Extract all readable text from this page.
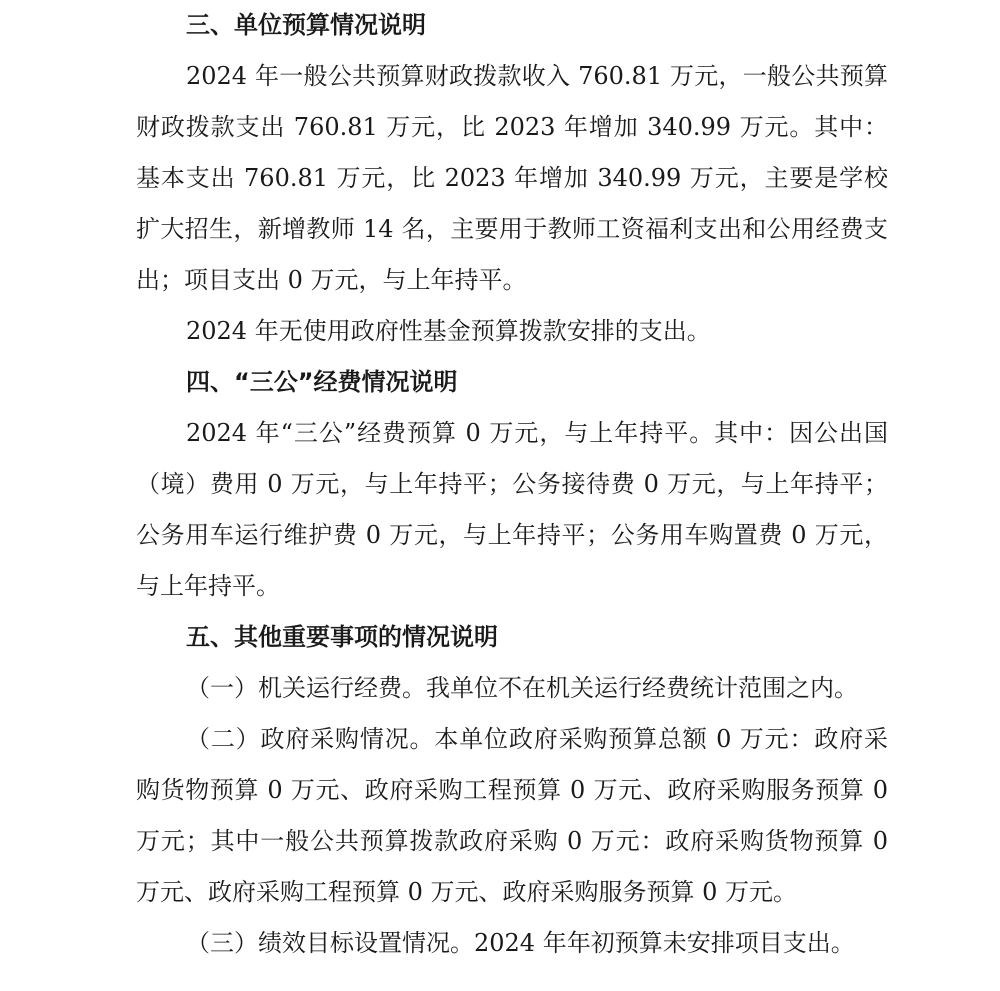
三、单位预算情况说明

2024 年一般公共预算财政拨款收入 760.81 万元，一般公共预算财政拨款支出 760.81 万元，比 2023 年增加 340.99 万元。其中：基本支出 760.81 万元，比 2023 年增加 340.99 万元，主要是学校扩大招生，新增教师 14 名，主要用于教师工资福利支出和公用经费支出；项目支出 0 万元，与上年持平。

2024 年无使用政府性基金预算拨款安排的支出。

四、“三公”经费情况说明

2024 年“三公”经费预算 0 万元，与上年持平。其中：因公出国（境）费用 0 万元，与上年持平；公务接待费 0 万元，与上年持平；公务用车运行维护费 0 万元，与上年持平；公务用车购置费 0 万元，与上年持平。

五、其他重要事项的情况说明

（一）机关运行经费。我单位不在机关运行经费统计范围之内。

（二）政府采购情况。本单位政府采购预算总额 0 万元：政府采购货物预算 0 万元、政府采购工程预算 0 万元、政府采购服务预算 0 万元；其中一般公共预算拨款政府采购 0 万元：政府采购货物预算 0 万元、政府采购工程预算 0 万元、政府采购服务预算 0 万元。

（三）绩效目标设置情况。2024 年年初预算未安排项目支出。
